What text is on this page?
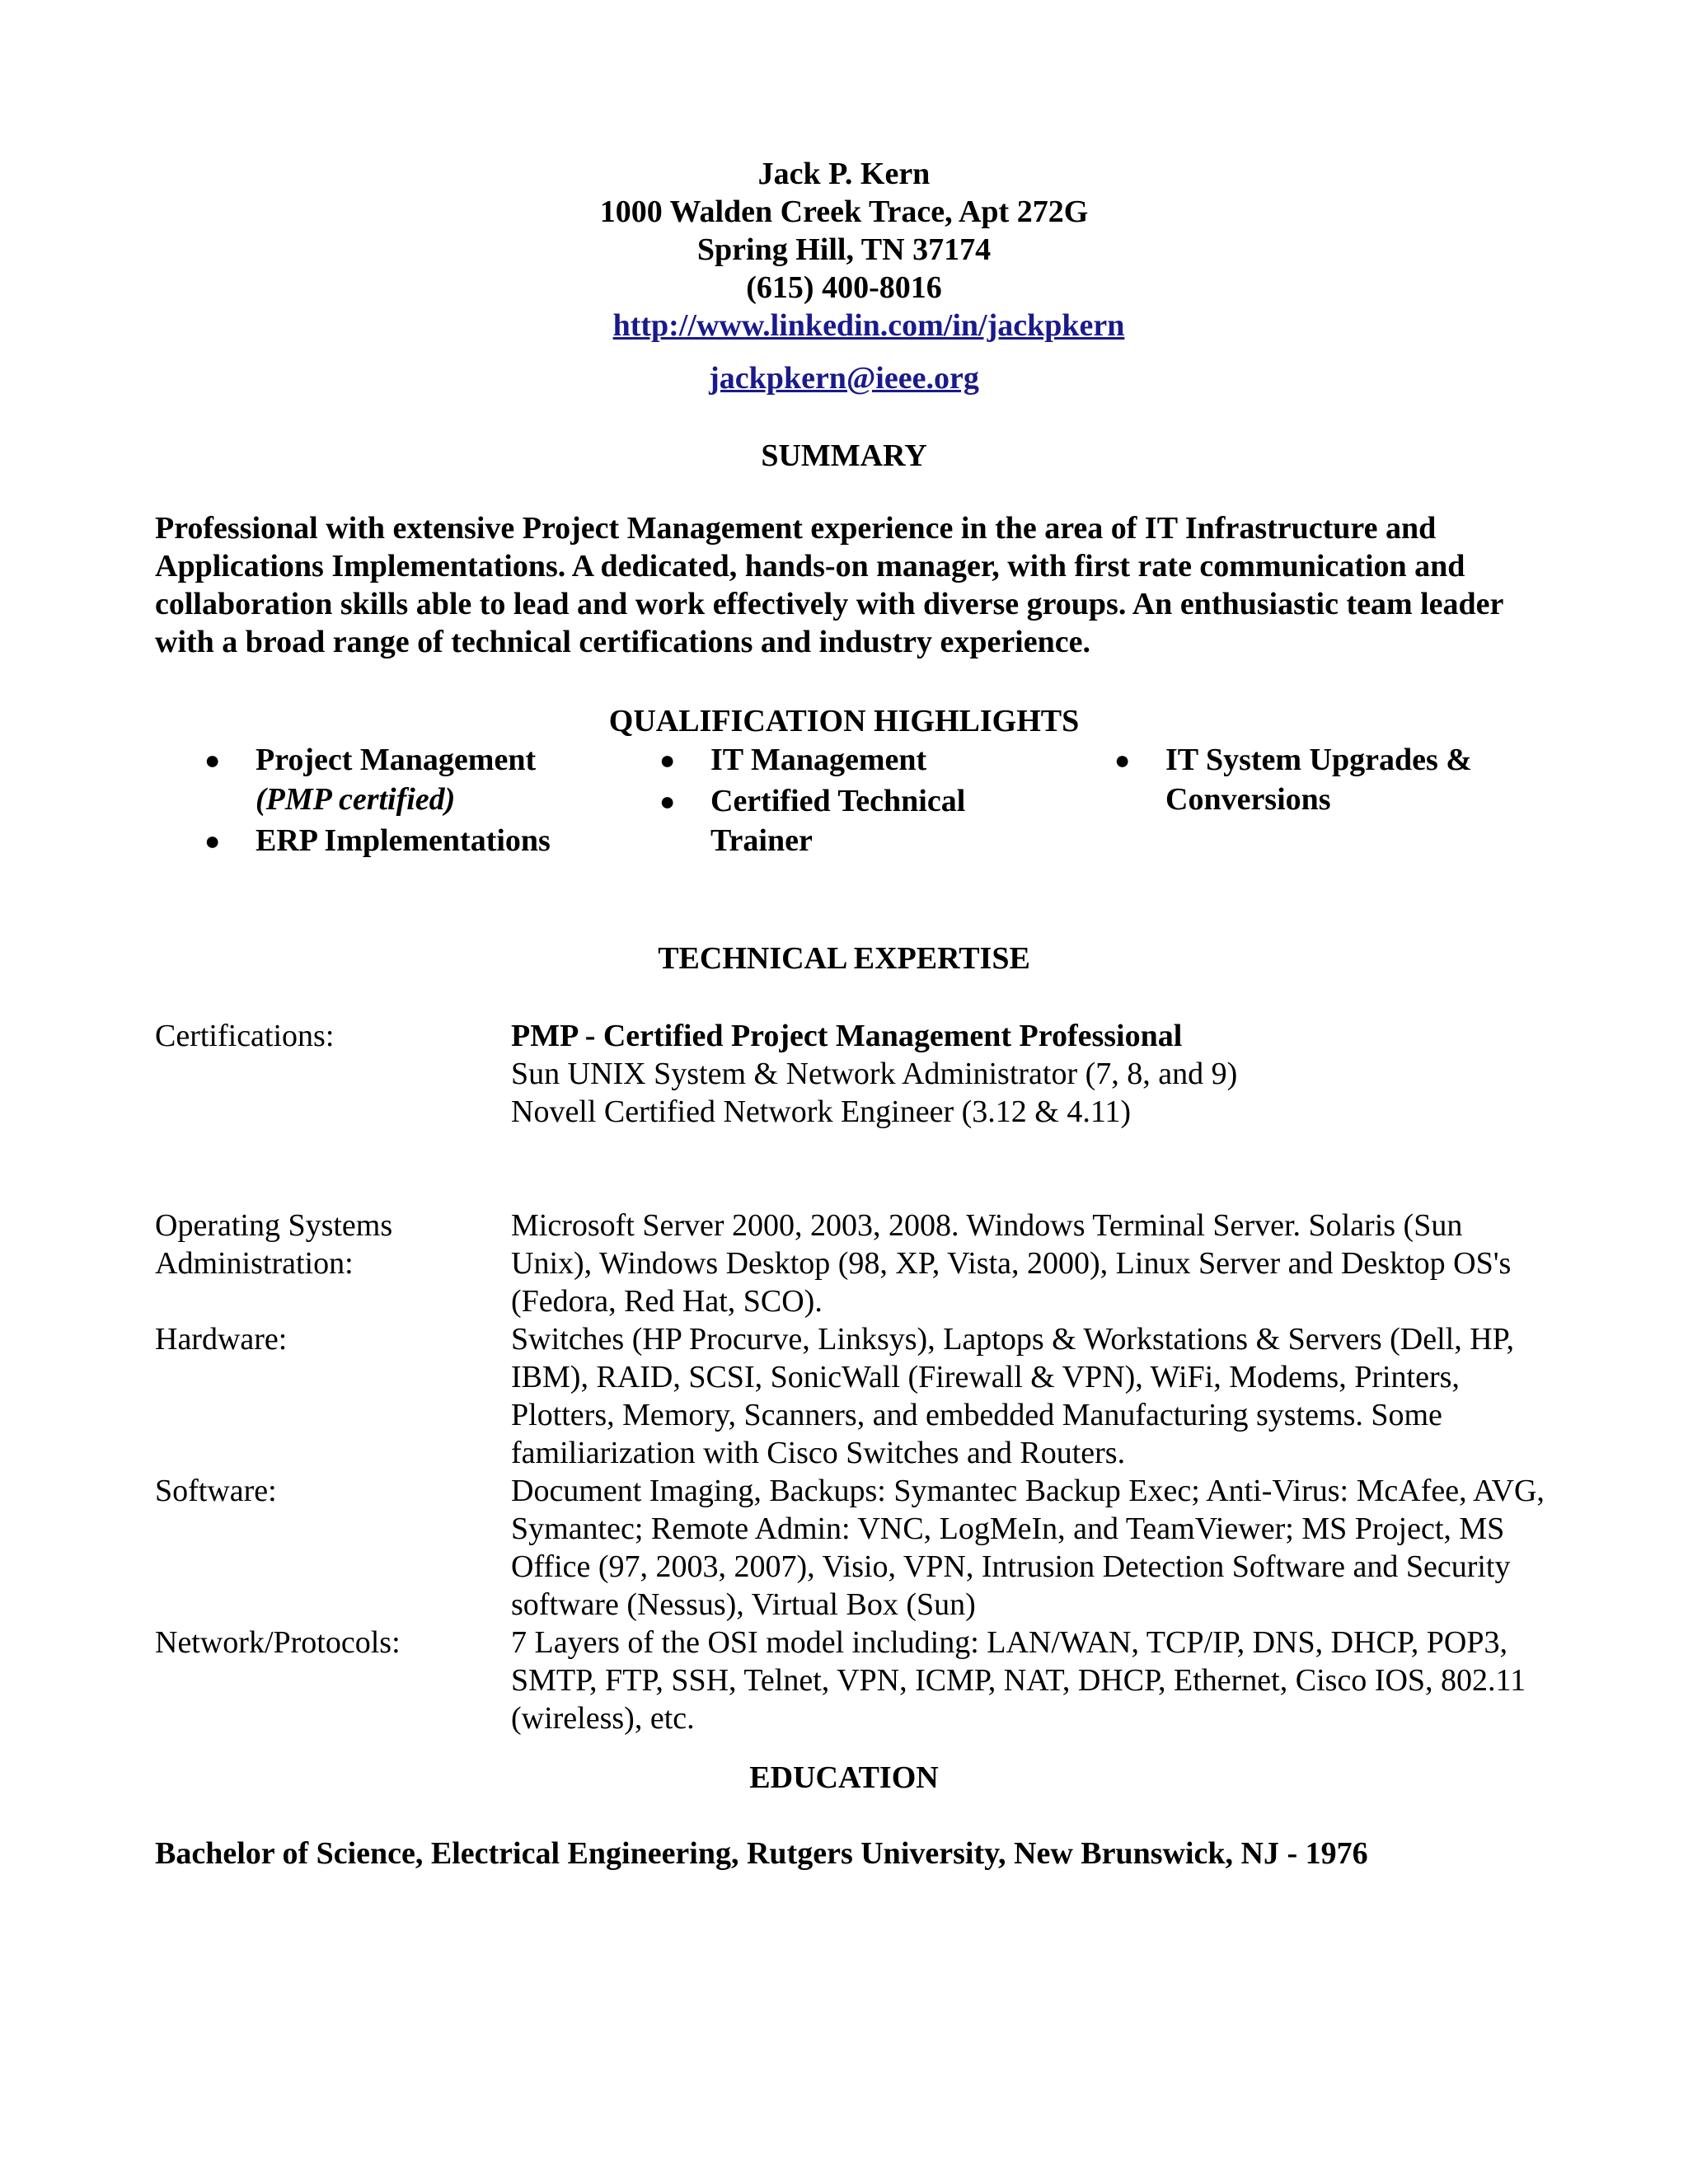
Jack P. Kern
1000 Walden Creek Trace, Apt 272G
Spring Hill, TN 37174
(615) 400-8016
http://www.linkedin.com/in/jackpkern
jackpkern@ieee.org
SUMMARY
Professional with extensive Project Management experience in the area of IT Infrastructure and Applications Implementations. A dedicated, hands-on manager, with first rate communication and collaboration skills able to lead and work effectively with diverse groups. An enthusiastic team leader with a broad range of technical certifications and industry experience.
QUALIFICATION HIGHLIGHTS
● Project Management
(PMP certified)
● ERP Implementations
● IT Management
● Certified Technical Trainer
● IT System Upgrades & Conversions
TECHNICAL EXPERTISE
Certifications:	PMP - Certified Project Management Professional
Sun UNIX System & Network Administrator (7, 8, and 9)
Novell Certified Network Engineer (3.12 & 4.11)
Operating Systems
Administration:
Microsoft Server 2000, 2003, 2008. Windows Terminal Server. Solaris (Sun Unix), Windows Desktop (98, XP, Vista, 2000), Linux Server and Desktop OS's (Fedora, Red Hat, SCO).
Hardware:	Switches (HP Procurve, Linksys), Laptops & Workstations & Servers (Dell, HP, IBM), RAID, SCSI, SonicWall (Firewall & VPN), WiFi, Modems, Printers, Plotters, Memory, Scanners, and embedded Manufacturing systems. Some familiarization with Cisco Switches and Routers.
Software:	Document Imaging, Backups: Symantec Backup Exec; Anti-Virus: McAfee, AVG, Symantec; Remote Admin: VNC, LogMeIn, and TeamViewer; MS Project, MS Office (97, 2003, 2007), Visio, VPN, Intrusion Detection Software and Security software (Nessus), Virtual Box (Sun)
Network/Protocols:	7 Layers of the OSI model including: LAN/WAN, TCP/IP, DNS, DHCP, POP3, SMTP, FTP, SSH, Telnet, VPN, ICMP, NAT, DHCP, Ethernet, Cisco IOS, 802.11 (wireless), etc.
EDUCATION
Bachelor of Science, Electrical Engineering, Rutgers University, New Brunswick, NJ - 1976
